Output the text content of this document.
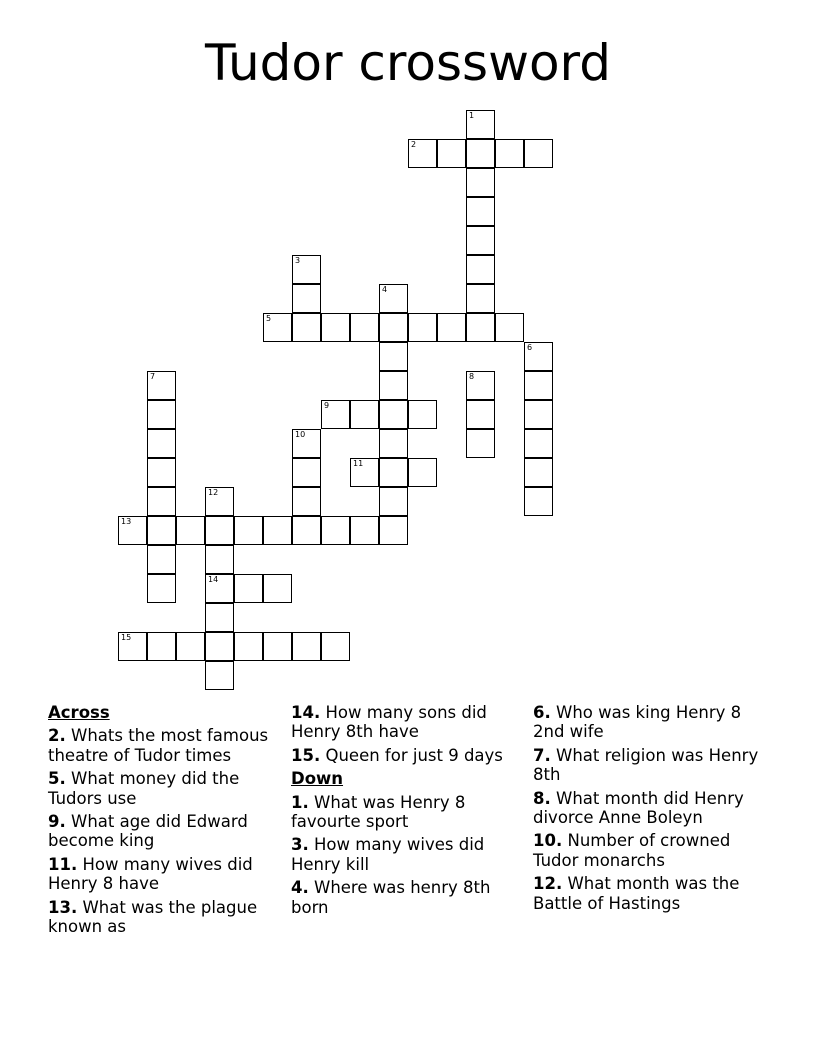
Tudor crossword
1
2
3
4
5
6
7	8
9
10
11
12
14
13
15
Across
2. Whats the most famous theatre of Tudor times
5. What money did the Tudors use
9. What age did Edward become king
11. How many wives did Henry 8 have
13. What was the plague known as
14. How many sons did Henry 8th have
15. Queen for just 9 days
Down
1. What was Henry 8 favourte sport
3. How many wives did Henry kill
4. Where was henry 8th born
6. Who was king Henry 8 2nd wife
7. What religion was Henry 8th
8. What month did Henry divorce Anne Boleyn
10. Number of crowned Tudor monarchs
12. What month was the Battle of Hastings
